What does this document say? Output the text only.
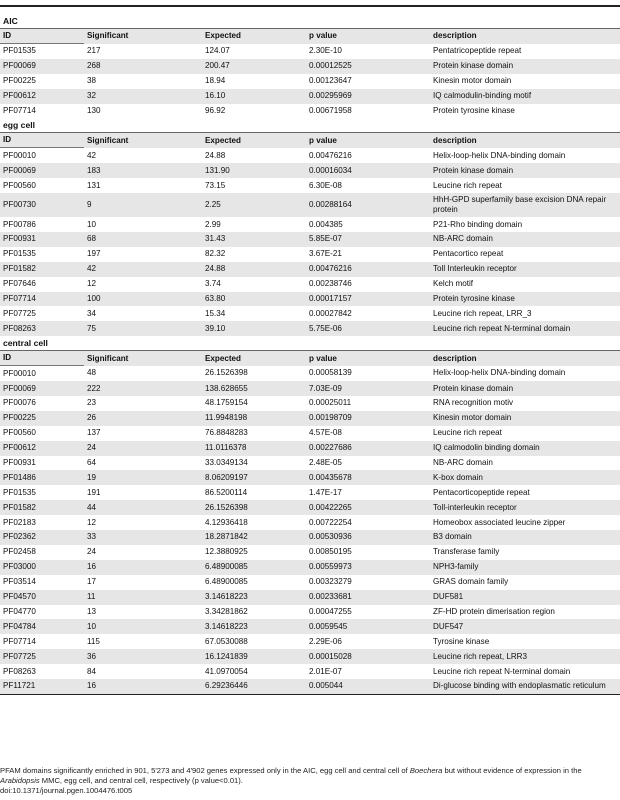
AIC				
ID	Significant	Expected	p value	description
PF01535	217	124.07	2.30E-10	Pentatricopeptide repeat
PF00069	268	200.47	0.00012525	Protein kinase domain
PF00225	38	18.94	0.00123647	Kinesin motor domain
PF00612	32	16.10	0.00295969	IQ calmodulin-binding motif
PF07714	130	96.92	0.00671958	Protein tyrosine kinase
egg cell				
ID	Significant	Expected	p value	description
PF00010	42	24.88	0.00476216	Helix-loop-helix DNA-binding domain
PF00069	183	131.90	0.00016034	Protein kinase domain
PF00560	131	73.15	6.30E-08	Leucine rich repeat
PF00730	9	2.25	0.00288164	HhH-GPD superfamily base excision DNA repair protein
PF00786	10	2.99	0.004385	P21-Rho binding domain
PF00931	68	31.43	5.85E-07	NB-ARC domain
PF01535	197	82.32	3.67E-21	Pentacortico repeat
PF01582	42	24.88	0.00476216	Toll Interleukin receptor
PF07646	12	3.74	0.00238746	Kelch motif
PF07714	100	63.80	0.00017157	Protein tyrosine kinase
PF07725	34	15.34	0.00027842	Leucine rich repeat, LRR_3
PF08263	75	39.10	5.75E-06	Leucine rich repeat N-terminal domain
central cell				
ID	Significant	Expected	p value	description
PF00010	48	26.1526398	0.00058139	Helix-loop-helix DNA-binding domain
PF00069	222	138.628655	7.03E-09	Protein kinase domain
PF00076	23	48.1759154	0.00025011	RNA recognition motiv
PF00225	26	11.9948198	0.00198709	Kinesin motor domain
PF00560	137	76.8848283	4.57E-08	Leucine rich repeat
PF00612	24	11.0116378	0.00227686	IQ calmodolin binding domain
PF00931	64	33.0349134	2.48E-05	NB-ARC domain
PF01486	19	8.06209197	0.00435678	K-box domain
PF01535	191	86.5200114	1.47E-17	Pentacorticopeptide repeat
PF01582	44	26.1526398	0.00422265	Toll-interleukin receptor
PF02183	12	4.12936418	0.00722254	Homeobox associated leucine zipper
PF02362	33	18.2871842	0.00530936	B3 domain
PF02458	24	12.3880925	0.00850195	Transferase family
PF03000	16	6.48900085	0.00559973	NPH3-family
PF03514	17	6.48900085	0.00323279	GRAS domain family
PF04570	11	3.14618223	0.00233681	DUF581
PF04770	13	3.34281862	0.00047255	ZF-HD protein dimerisation region
PF04784	10	3.14618223	0.0059545	DUF547
PF07714	115	67.0530088	2.29E-06	Tyrosine kinase
PF07725	36	16.1241839	0.00015028	Leucine rich repeat, LRR3
PF08263	84	41.0970054	2.01E-07	Leucine rich repeat N-terminal domain
PF11721	16	6.29236446	0.005044	Di-glucose binding with endoplasmatic reticulum
PFAM domains significantly enriched in 901, 5'273 and 4'902 genes expressed only in the AIC, egg cell and central cell of Boechera but without evidence of expression in the Arabidopsis MMC, egg cell, and central cell, respectively (p value<0.01).
doi:10.1371/journal.pgen.1004476.t005
